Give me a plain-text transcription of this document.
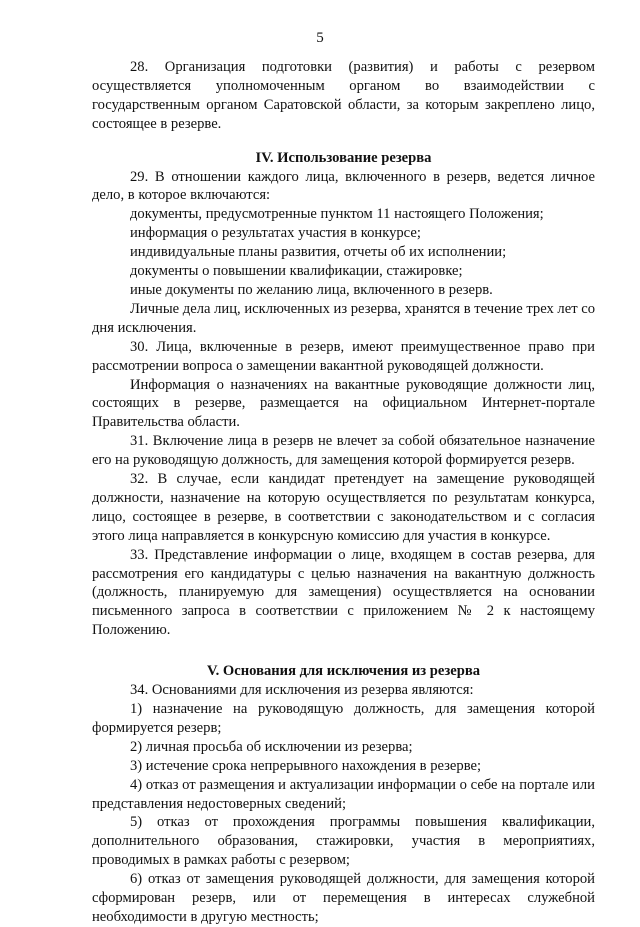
5

28. Организация подготовки (развития) и работы с резервом осуществляется уполномоченным органом во взаимодействии с государственным органом Саратовской области, за которым закреплено лицо, состоящее в резерве.

IV. Использование резерва

29. В отношении каждого лица, включенного в резерв, ведется личное дело, в которое включаются:

документы, предусмотренные пунктом 11 настоящего Положения;

информация о результатах участия в конкурсе;

индивидуальные планы развития, отчеты об их исполнении;

документы о повышении квалификации, стажировке;

иные документы по желанию лица, включенного в резерв.

Личные дела лиц, исключенных из резерва, хранятся в течение трех лет со дня исключения.

30. Лица, включенные в резерв, имеют преимущественное право при рассмотрении вопроса о замещении вакантной руководящей должности.

Информация о назначениях на вакантные руководящие должности лиц, состоящих в резерве, размещается на официальном Интернет-портале Правительства области.

31. Включение лица в резерв не влечет за собой обязательное назначение его на руководящую должность, для замещения которой формируется резерв.

32. В случае, если кандидат претендует на замещение руководящей должности, назначение на которую осуществляется по результатам конкурса, лицо, состоящее в резерве, в соответствии с законодательством и с согласия этого лица направляется в конкурсную комиссию для участия в конкурсе.

33. Представление информации о лице, входящем в состав резерва, для рассмотрения его кандидатуры с целью назначения на вакантную должность (должность, планируемую для замещения) осуществляется на основании письменного запроса в соответствии с приложением № 2 к настоящему Положению.

V. Основания для исключения из резерва

34. Основаниями для исключения из резерва являются:

1) назначение на руководящую должность, для замещения которой формируется резерв;

2) личная просьба об исключении из резерва;

3) истечение срока непрерывного нахождения в резерве;

4) отказ от размещения и актуализации информации о себе на портале или представления недостоверных сведений;

5) отказ от прохождения программы повышения квалификации, дополнительного образования, стажировки, участия в мероприятиях, проводимых в рамках работы с резервом;

6) отказ от замещения руководящей должности, для замещения которой сформирован резерв, или от перемещения в интересах служебной необходимости в другую местность;
